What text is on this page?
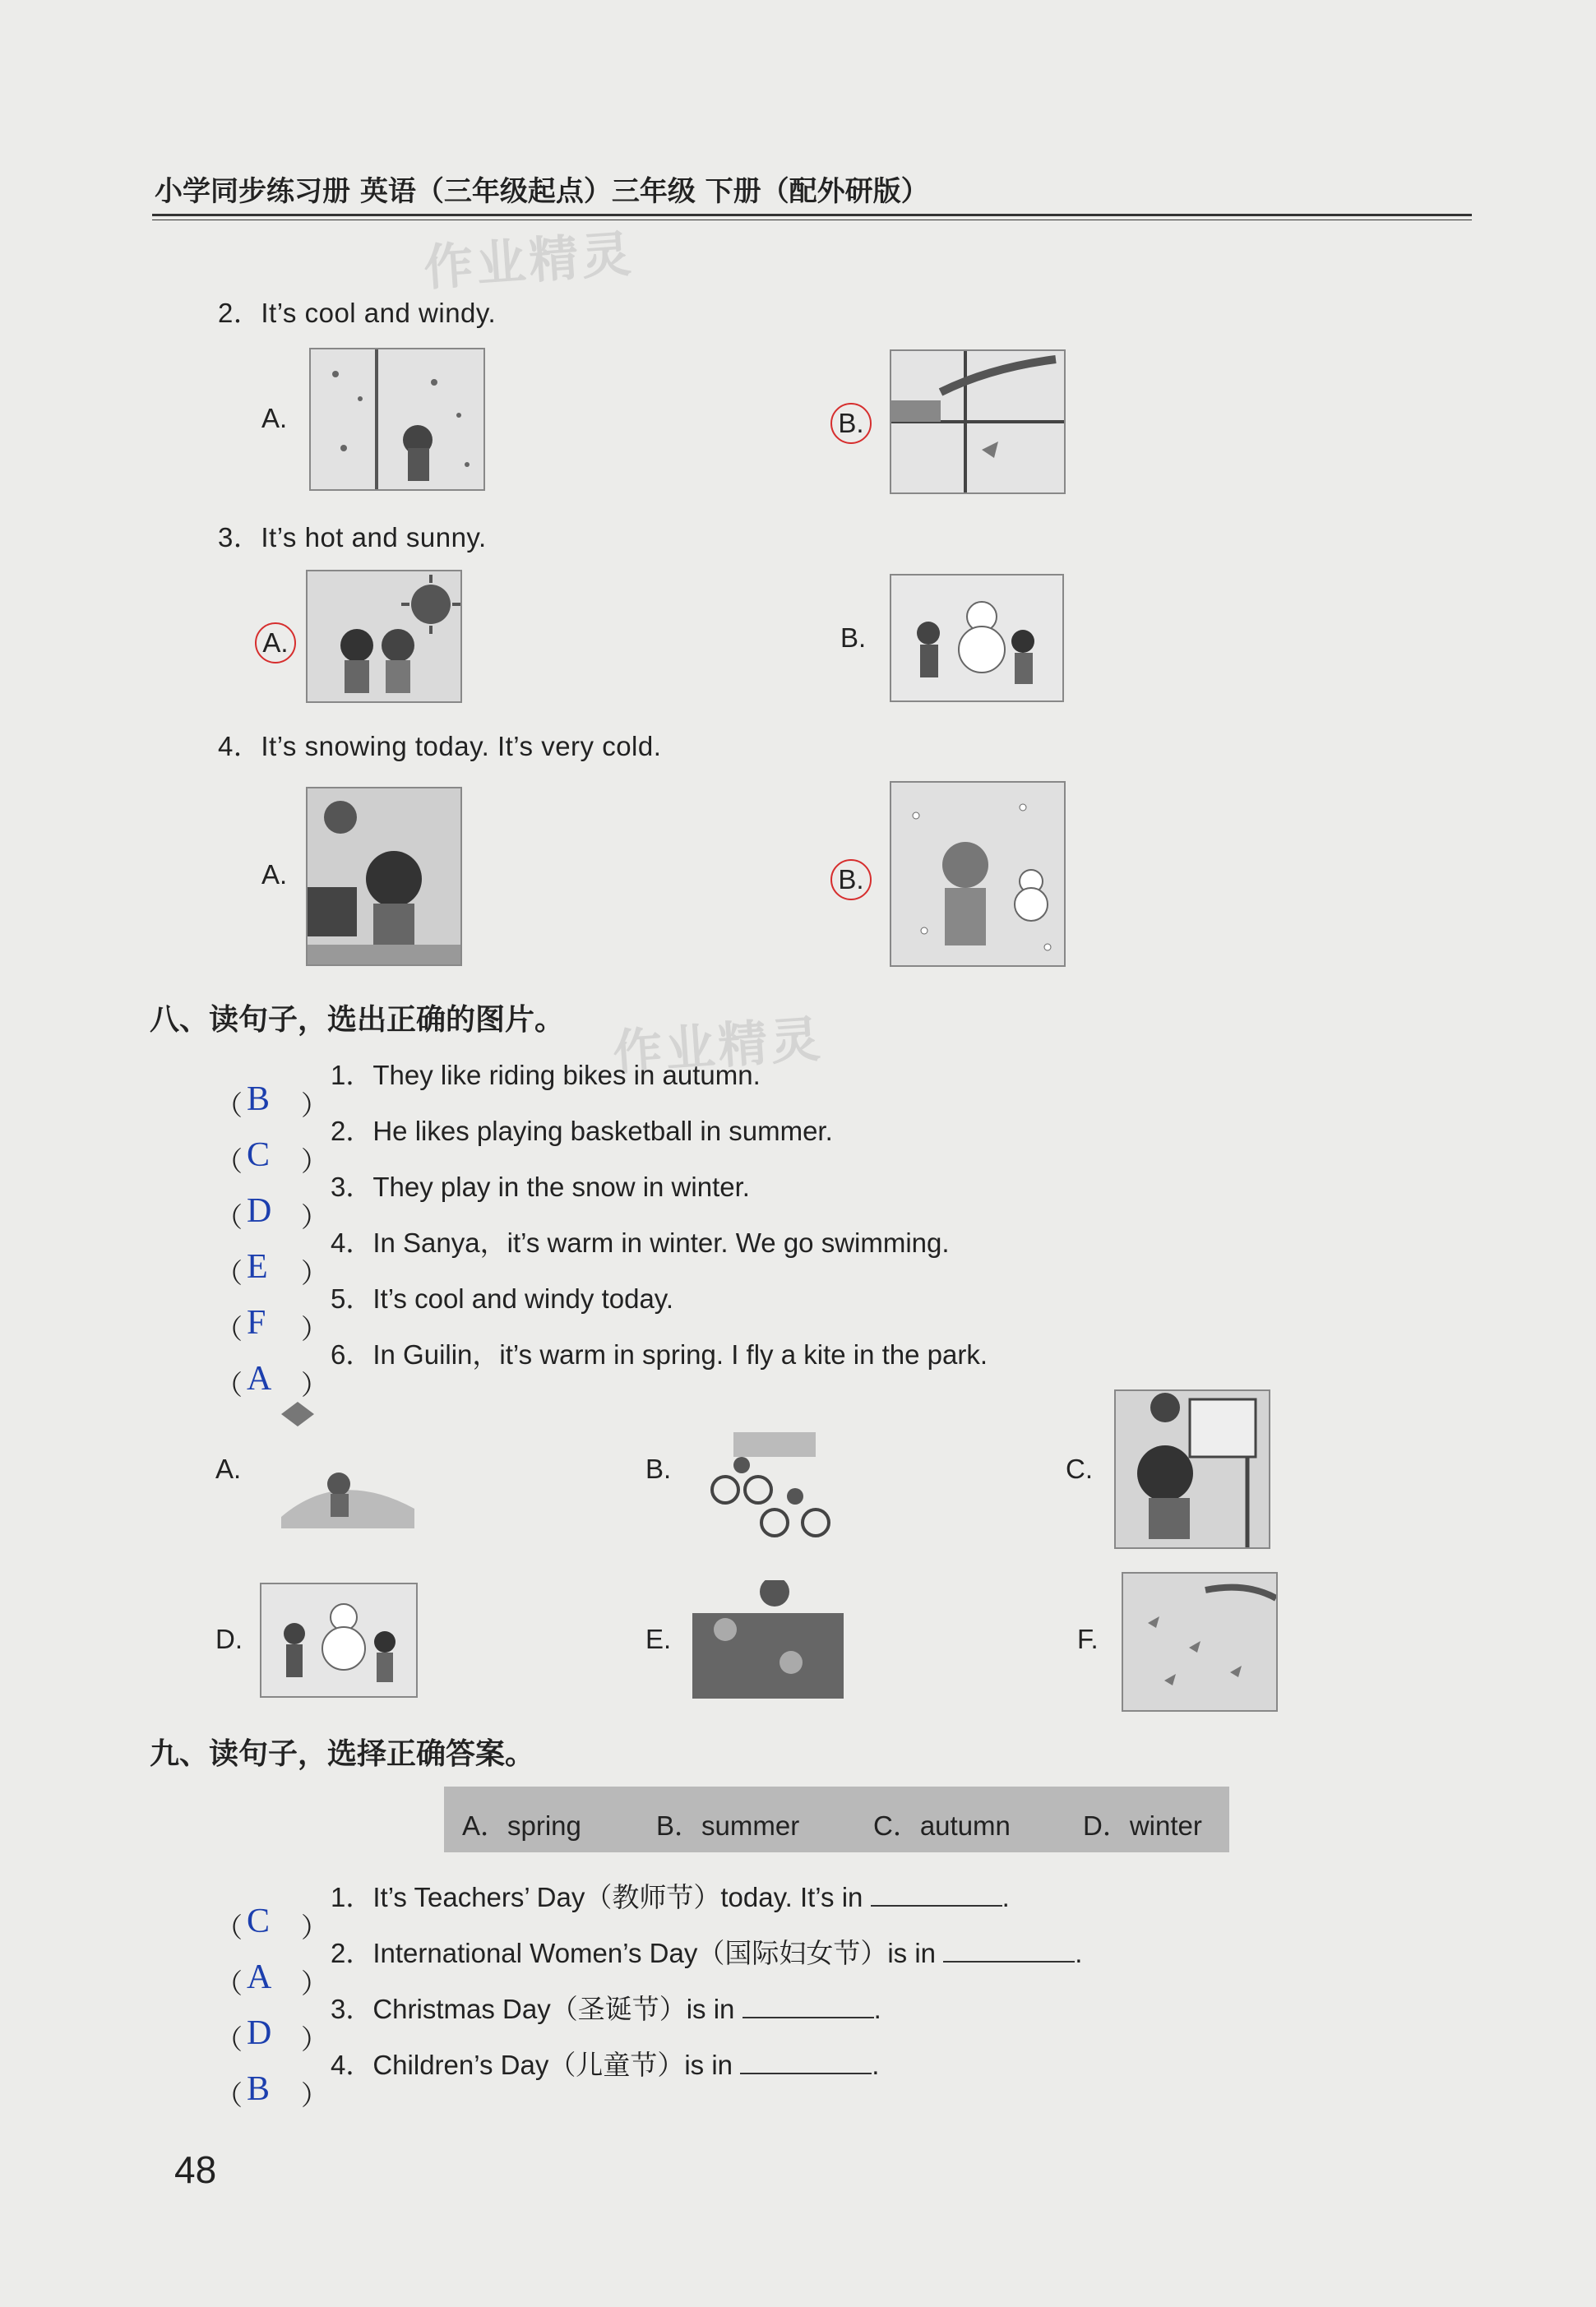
小学同步练习册 英语（三年级起点）三年级 下册（配外研版）
作业精灵
作业精灵
2．It’s cool and windy.
A.	B.
3．It’s hot and sunny.
A.	B.
4．It’s snowing today. It’s very cold.
A.	B.
八、读句子，选出正确的图片。
（ B ）
1．They like riding bikes in autumn.
（ C ）
2．He likes playing basketball in summer.
（ D ）
3．They play in the snow in winter.
（ E ）
4．In Sanya，it’s warm in winter. We go swimming.
（ F ）
5．It’s cool and windy today.
（ A ）
6．In Guilin，it’s warm in spring. I fly a kite in the park.
A.	B.	C.
D.	E.	F.
九、读句子，选择正确答案。
A．spring	B．summer	C．autumn	D．winter
（ C ）
1．It’s Teachers’ Day（教师节）today. It’s in	.
（ A ）
2．International Women’s Day（国际妇女节）is in	.
（ D ）
3．Christmas Day（圣诞节）is in	.
（ B ）
4．Children’s Day（儿童节）is in	.
48
